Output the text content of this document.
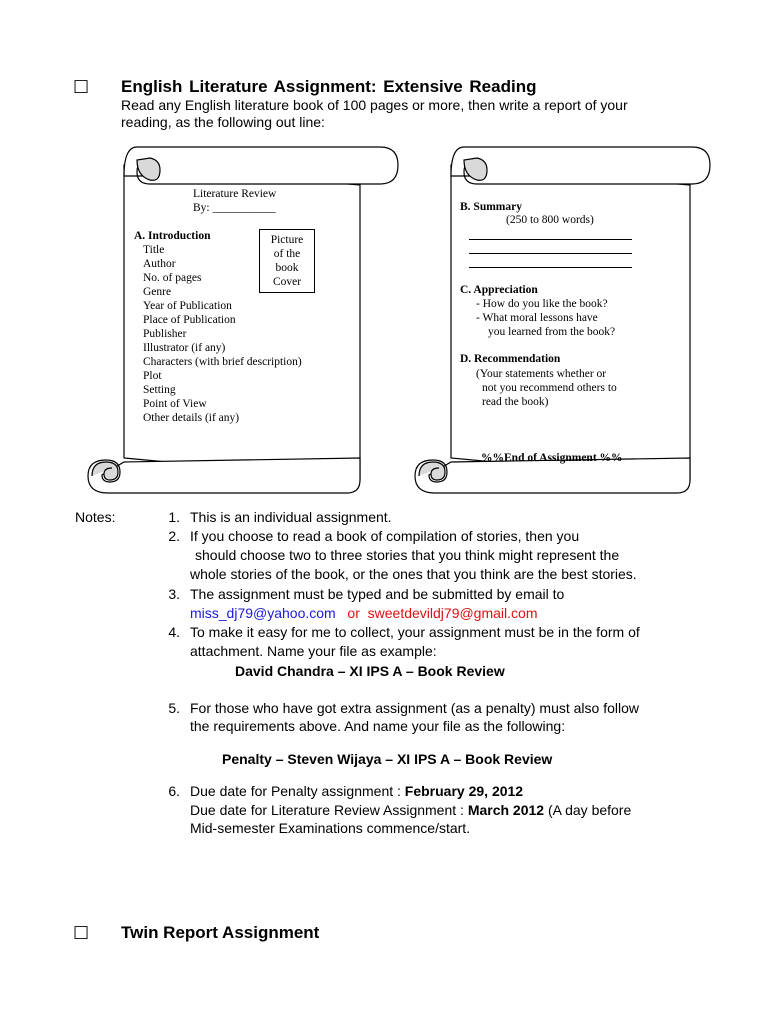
□ English Literature Assignment: Extensive Reading
Read any English literature book of 100 pages or more, then write a report of your
reading, as the following out line:
Literature Review
By: ___________
A. Introduction
Title
Author
No. of pages
Genre
Year of Publication
Place of Publication
Publisher
Illustrator (if any)
Characters (with brief description)
Plot
Setting
Point of View
Other details (if any)
Picture
of the
book
Cover
B. Summary
(250 to 800 words)
C. Appreciation
- How do you like the book?
- What moral lessons have
you learned from the book?
D. Recommendation
(Your statements whether or
not you recommend others to
read the book)
%%End of Assignment %%
Notes:	1. This is an individual assignment.
2. If you choose to read a book of compilation of stories, then you
should choose two to three stories that you think might represent the
whole stories of the book, or the ones that you think are the best stories.
3. The assignment must be typed and be submitted by email to
miss_dj79@yahoo.com or sweetdevildj79@gmail.com
4. To make it easy for me to collect, your assignment must be in the form of
attachment. Name your file as example:
David Chandra – XI IPS A – Book Review
5. For those who have got extra assignment (as a penalty) must also follow
the requirements above. And name your file as the following:
Penalty – Steven Wijaya – XI IPS A – Book Review
6. Due date for Penalty assignment : February 29, 2012
Due date for Literature Review Assignment : March 2012 (A day before
Mid-semester Examinations commence/start.
□ Twin Report Assignment
